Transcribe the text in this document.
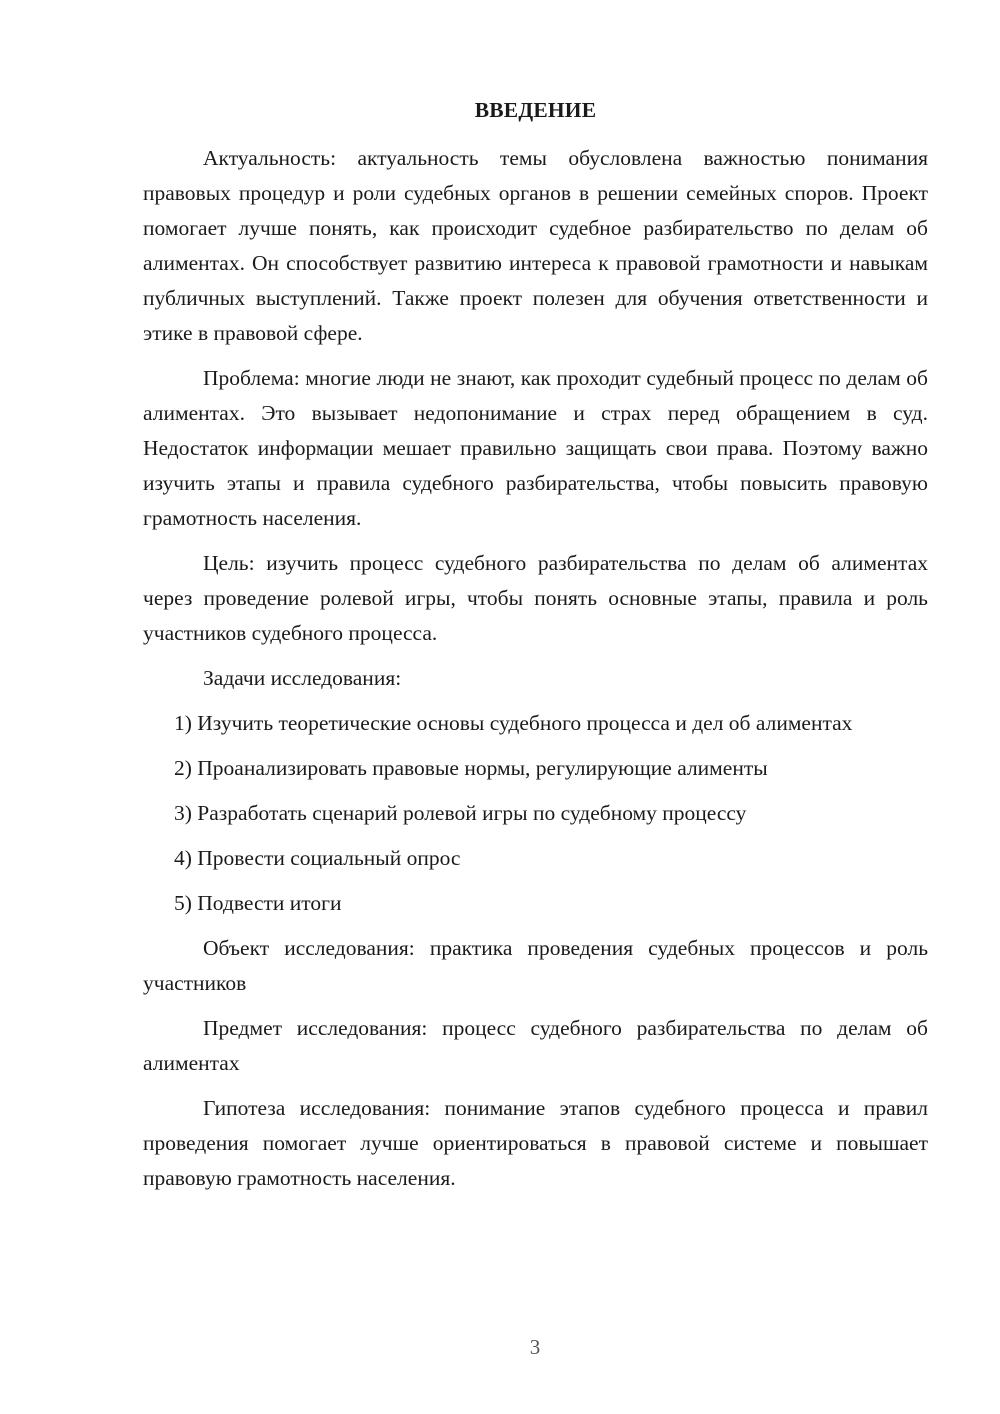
ВВЕДЕНИЕ

Актуальность: актуальность темы обусловлена важностью понимания правовых процедур и роли судебных органов в решении семейных споров. Проект помогает лучше понять, как происходит судебное разбирательство по делам об алиментах. Он способствует развитию интереса к правовой грамотности и навыкам публичных выступлений. Также проект полезен для обучения ответственности и этике в правовой сфере.

Проблема: многие люди не знают, как проходит судебный процесс по делам об алиментах. Это вызывает недопонимание и страх перед обращением в суд. Недостаток информации мешает правильно защищать свои права. Поэтому важно изучить этапы и правила судебного разбирательства, чтобы повысить правовую грамотность населения.

Цель: изучить процесс судебного разбирательства по делам об алиментах через проведение ролевой игры, чтобы понять основные этапы, правила и роль участников судебного процесса.

Задачи исследования:

1) Изучить теоретические основы судебного процесса и дел об алиментах

2) Проанализировать правовые нормы, регулирующие алименты

3) Разработать сценарий ролевой игры по судебному процессу

4) Провести социальный опрос

5) Подвести итоги

Объект исследования: практика проведения судебных процессов и роль участников

Предмет исследования: процесс судебного разбирательства по делам об алиментах

Гипотеза исследования: понимание этапов судебного процесса и правил проведения помогает лучше ориентироваться в правовой системе и повышает правовую грамотность населения.

3
